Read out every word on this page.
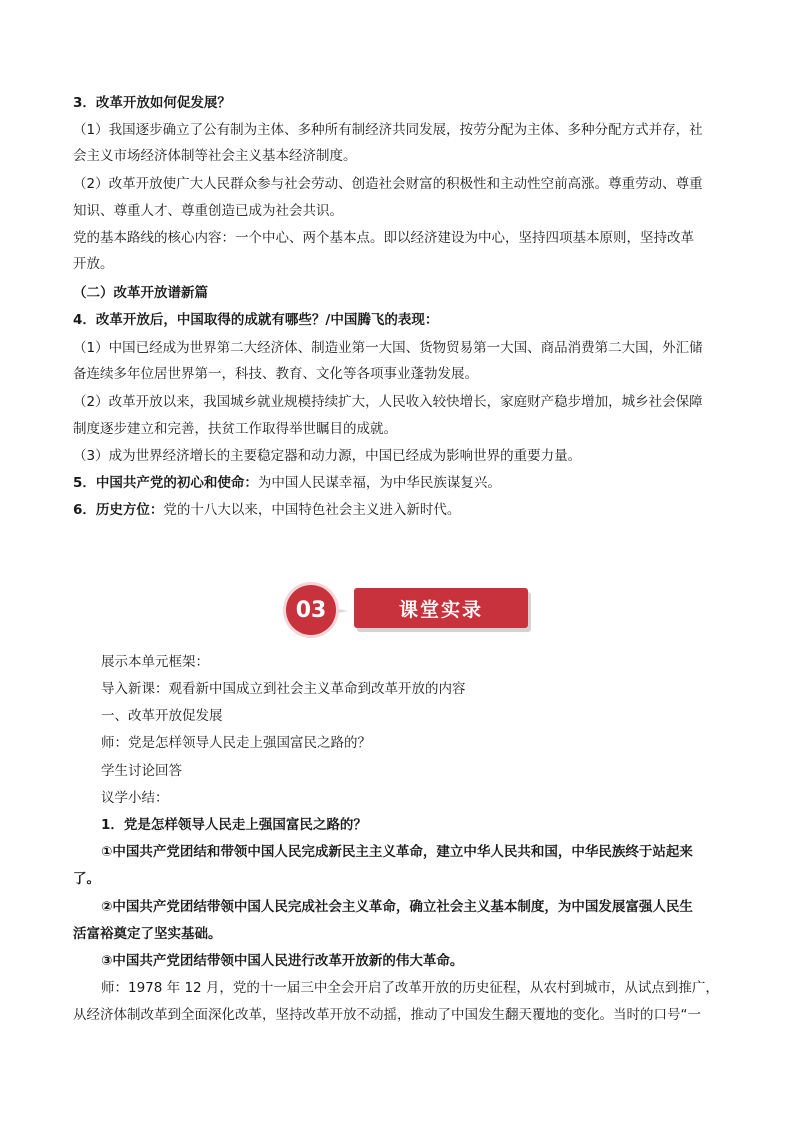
3．改革开放如何促发展？
（1）我国逐步确立了公有制为主体、多种所有制经济共同发展，按劳分配为主体、多种分配方式并存，社
会主义市场经济体制等社会主义基本经济制度。
（2）改革开放使广大人民群众参与社会劳动、创造社会财富的积极性和主动性空前高涨。尊重劳动、尊重
知识、尊重人才、尊重创造已成为社会共识。
党的基本路线的核心内容：一个中心、两个基本点。即以经济建设为中心，坚持四项基本原则，坚持改革
开放。
（二）改革开放谱新篇
4．改革开放后，中国取得的成就有哪些？/中国腾飞的表现：
（1）中国已经成为世界第二大经济体、制造业第一大国、货物贸易第一大国、商品消费第二大国，外汇储
备连续多年位居世界第一，科技、教育、文化等各项事业蓬勃发展。
（2）改革开放以来，我国城乡就业规模持续扩大，人民收入较快增长，家庭财产稳步增加，城乡社会保障
制度逐步建立和完善，扶贫工作取得举世瞩目的成就。
（3）成为世界经济增长的主要稳定器和动力源，中国已经成为影响世界的重要力量。
5．中国共产党的初心和使命：为中国人民谋幸福，为中华民族谋复兴。
6．历史方位：党的十八大以来，中国特色社会主义进入新时代。
03	课堂实录
展示本单元框架：
导入新课：观看新中国成立到社会主义革命到改革开放的内容
一、改革开放促发展
师：党是怎样领导人民走上强国富民之路的？
学生讨论回答
议学小结：
1．党是怎样领导人民走上强国富民之路的？
①中国共产党团结和带领中国人民完成新民主主义革命，建立中华人民共和国，中华民族终于站起来
了。
②中国共产党团结带领中国人民完成社会主义革命，确立社会主义基本制度，为中国发展富强人民生
活富裕奠定了坚实基础。
③中国共产党团结带领中国人民进行改革开放新的伟大革命。
师：1978 年 12 月，党的十一届三中全会开启了改革开放的历史征程，从农村到城市，从试点到推广，
从经济体制改革到全面深化改革，坚持改革开放不动摇，推动了中国发生翻天覆地的变化。当时的口号“一
